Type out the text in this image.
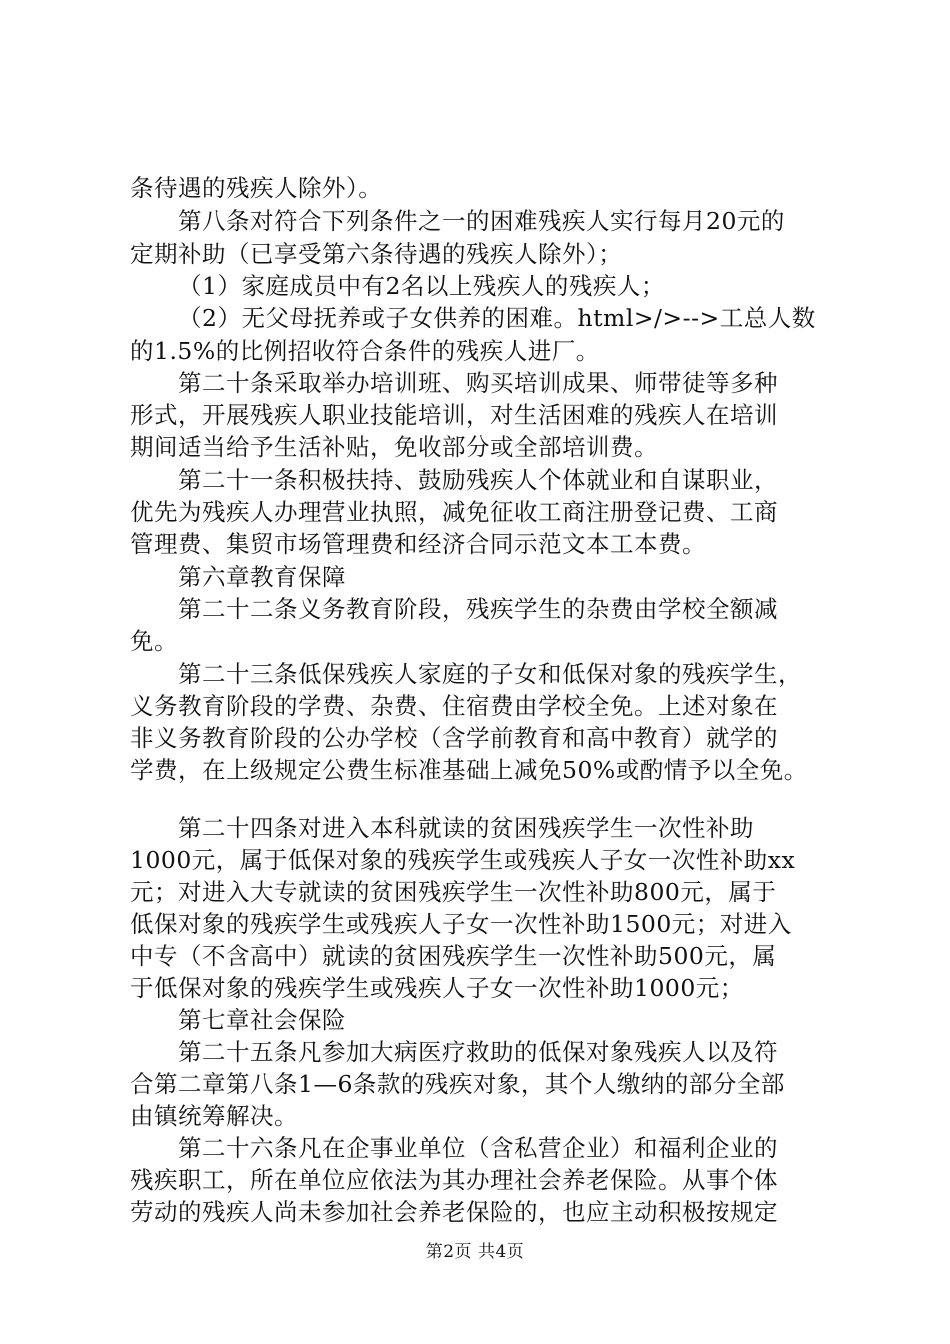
条待遇的残疾人除外）。
第八条对符合下列条件之一的困难残疾人实行每月20元的
定期补助（已享受第六条待遇的残疾人除外）；
（1）家庭成员中有2名以上残疾人的残疾人；
（2）无父母抚养或子女供养的困难。html>/>-->工总人数
的1.5%的比例招收符合条件的残疾人进厂。
第二十条采取举办培训班、购买培训成果、师带徒等多种
形式，开展残疾人职业技能培训，对生活困难的残疾人在培训
期间适当给予生活补贴，免收部分或全部培训费。
第二十一条积极扶持、鼓励残疾人个体就业和自谋职业，
优先为残疾人办理营业执照，减免征收工商注册登记费、工商
管理费、集贸市场管理费和经济合同示范文本工本费。
第六章教育保障
第二十二条义务教育阶段，残疾学生的杂费由学校全额减
免。
第二十三条低保残疾人家庭的子女和低保对象的残疾学生，
义务教育阶段的学费、杂费、住宿费由学校全免。上述对象在
非义务教育阶段的公办学校（含学前教育和高中教育）就学的
学费，在上级规定公费生标准基础上减免50%或酌情予以全免。
第二十四条对进入本科就读的贫困残疾学生一次性补助
1000元，属于低保对象的残疾学生或残疾人子女一次性补助xx
元；对进入大专就读的贫困残疾学生一次性补助800元，属于
低保对象的残疾学生或残疾人子女一次性补助1500元；对进入
中专（不含高中）就读的贫困残疾学生一次性补助500元，属
于低保对象的残疾学生或残疾人子女一次性补助1000元；
第七章社会保险
第二十五条凡参加大病医疗救助的低保对象残疾人以及符
合第二章第八条1—6条款的残疾对象，其个人缴纳的部分全部
由镇统筹解决。
第二十六条凡在企事业单位（含私营企业）和福利企业的
残疾职工，所在单位应依法为其办理社会养老保险。从事个体
劳动的残疾人尚未参加社会养老保险的，也应主动积极按规定
第2页 共4页
